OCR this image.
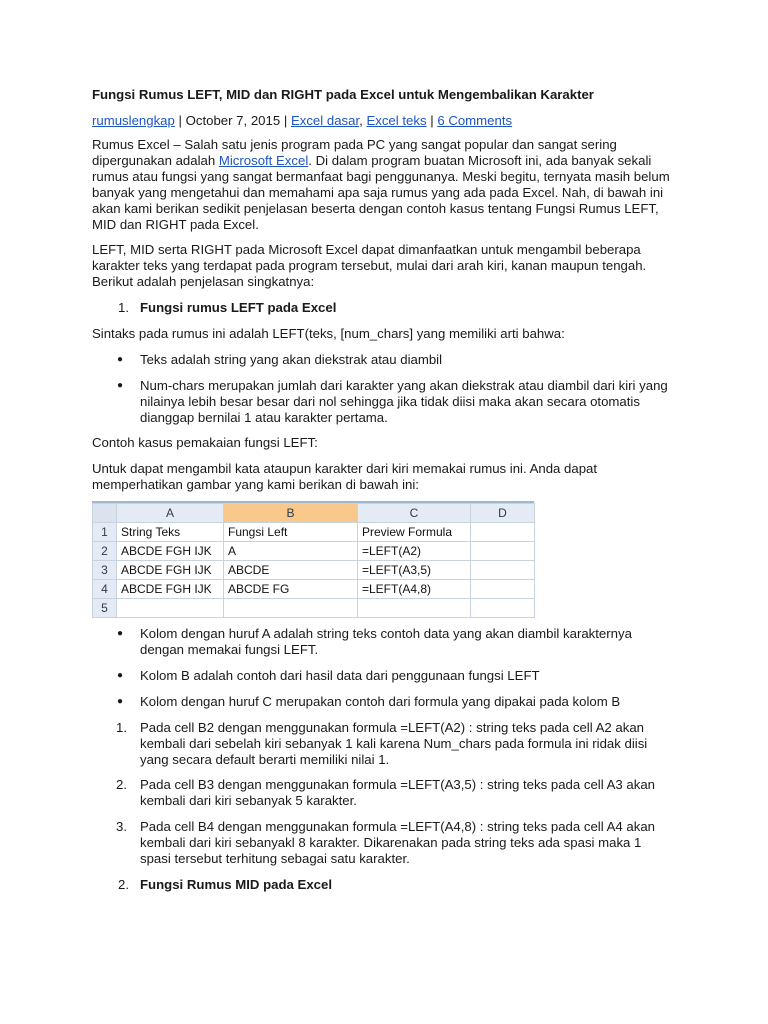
Fungsi Rumus LEFT, MID dan RIGHT pada Excel untuk Mengembalikan Karakter
rumuslengkap | October 7, 2015 | Excel dasar, Excel teks | 6 Comments

Rumus Excel – Salah satu jenis program pada PC yang sangat popular dan sangat sering dipergunakan adalah Microsoft Excel. Di dalam program buatan Microsoft ini, ada banyak sekali rumus atau fungsi yang sangat bermanfaat bagi penggunanya. Meski begitu, ternyata masih belum banyak yang mengetahui dan memahami apa saja rumus yang ada pada Excel. Nah, di bawah ini akan kami berikan sedikit penjelasan beserta dengan contoh kasus tentang Fungsi Rumus LEFT, MID dan RIGHT pada Excel.

LEFT, MID serta RIGHT pada Microsoft Excel dapat dimanfaatkan untuk mengambil beberapa karakter teks yang terdapat pada program tersebut, mulai dari arah kiri, kanan maupun tengah. Berikut adalah penjelasan singkatnya:

1. Fungsi rumus LEFT pada Excel

Sintaks pada rumus ini adalah LEFT(teks, [num_chars] yang memiliki arti bahwa:

● Teks adalah string yang akan diekstrak atau diambil
● Num-chars merupakan jumlah dari karakter yang akan diekstrak atau diambil dari kiri yang nilainya lebih besar besar dari nol sehingga jika tidak diisi maka akan secara otomatis dianggap bernilai 1 atau karakter pertama.

Contoh kasus pemakaian fungsi LEFT:

Untuk dapat mengambil kata ataupun karakter dari kiri memakai rumus ini. Anda dapat memperhatikan gambar yang kami berikan di bawah ini:

	A	B	C	D
1	String Teks	Fungsi Left	Preview Formula	
2	ABCDE FGH IJK	A	=LEFT(A2)	
3	ABCDE FGH IJK	ABCDE	=LEFT(A3,5)	
4	ABCDE FGH IJK	ABCDE FG	=LEFT(A4,8)	
5				
● Kolom dengan huruf A adalah string teks contoh data yang akan diambil karakternya dengan memakai fungsi LEFT.
● Kolom B adalah contoh dari hasil data dari penggunaan fungsi LEFT
● Kolom dengan huruf C merupakan contoh dari formula yang dipakai pada kolom B
1. Pada cell B2 dengan menggunakan formula =LEFT(A2) : string teks pada cell A2 akan kembali dari sebelah kiri sebanyak 1 kali karena Num_chars pada formula ini ridak diisi yang secara default berarti memiliki nilai 1.
2. Pada cell B3 dengan menggunakan formula =LEFT(A3,5) : string teks pada cell A3 akan kembali dari kiri sebanyak 5 karakter.
3. Pada cell B4 dengan menggunakan formula =LEFT(A4,8) : string teks pada cell A4 akan kembali dari kiri sebanyakl 8 karakter. Dikarenakan pada string teks ada spasi maka 1 spasi tersebut terhitung sebagai satu karakter.
2. Fungsi Rumus MID pada Excel
